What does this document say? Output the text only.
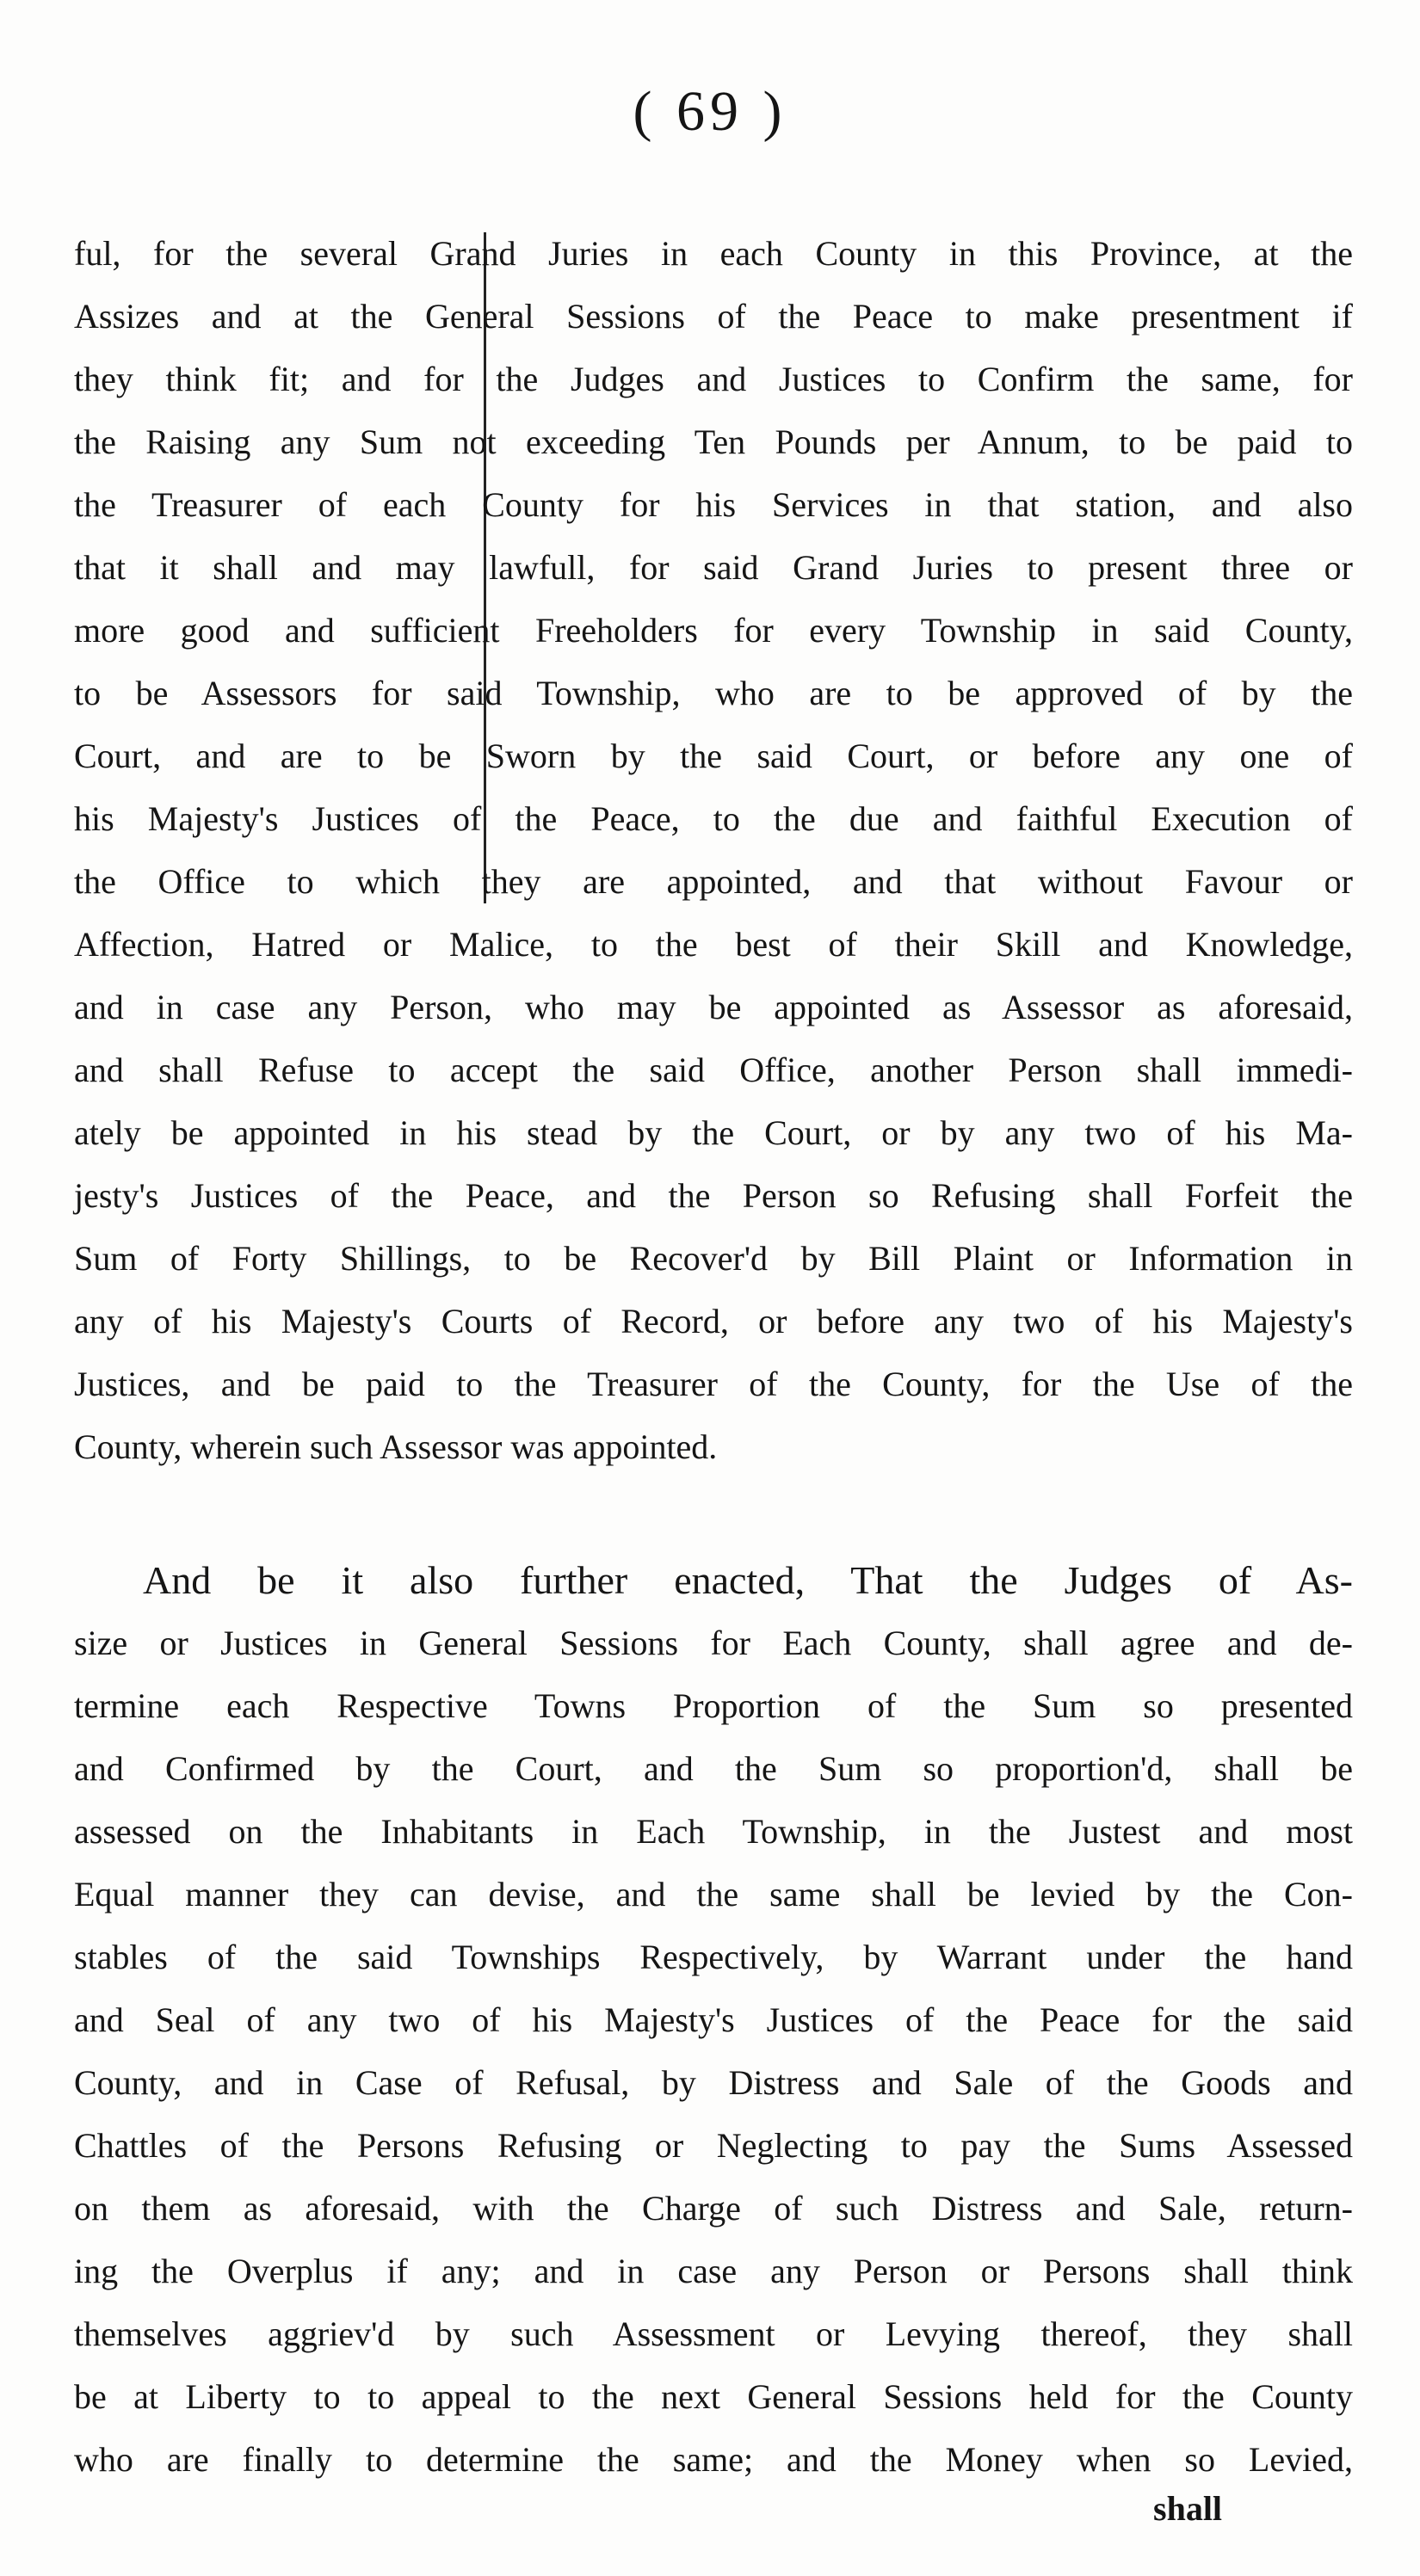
( 69 )
ful, for the several Grand Juries in each County in this Province, at the
Assizes and at the General Sessions of the Peace to make presentment if
they think fit; and for the Judges and Justices to Confirm the same, for
the Raising any Sum not exceeding Ten Pounds per Annum, to be paid to
the Treasurer of each County for his Services in that station, and also
that it shall and may lawfull, for said Grand Juries to present three or
more good and sufficient Freeholders for every Township in said County,
to be Assessors for said Township, who are to be approved of by the
Court, and are to be Sworn by the said Court, or before any one of
his Majesty's Justices of the Peace, to the due and faithful Execution of
the Office to which they are appointed, and that without Favour or
Affection, Hatred or Malice, to the best of their Skill and Knowledge,
and in case any Person, who may be appointed as Assessor as aforesaid,
and shall Refuse to accept the said Office, another Person shall immedi-
ately be appointed in his stead by the Court, or by any two of his Ma-
jesty's Justices of the Peace, and the Person so Refusing shall Forfeit the
Sum of Forty Shillings, to be Recover'd by Bill Plaint or Information in
any of his Majesty's Courts of Record, or before any two of his Majesty's
Justices, and be paid to the Treasurer of the County, for the Use of the
County, wherein such Assessor was appointed.
And be it also further enacted, That the Judges of As-
size or Justices in General Sessions for Each County, shall agree and de-
termine each Respective Towns Proportion of the Sum so presented
and Confirmed by the Court, and the Sum so proportion'd, shall be
assessed on the Inhabitants in Each Township, in the Justest and most
Equal manner they can devise, and the same shall be levied by the Con-
stables of the said Townships Respectively, by Warrant under the hand
and Seal of any two of his Majesty's Justices of the Peace for the said
County, and in Case of Refusal, by Distress and Sale of the Goods and
Chattles of the Persons Refusing or Neglecting to pay the Sums Assessed
on them as aforesaid, with the Charge of such Distress and Sale, return-
ing the Overplus if any; and in case any Person or Persons shall think
themselves aggriev'd by such Assessment or Levying thereof, they shall
be at Liberty to to appeal to the next General Sessions held for the County
who are finally to determine the same; and the Money when so Levied,
shall
